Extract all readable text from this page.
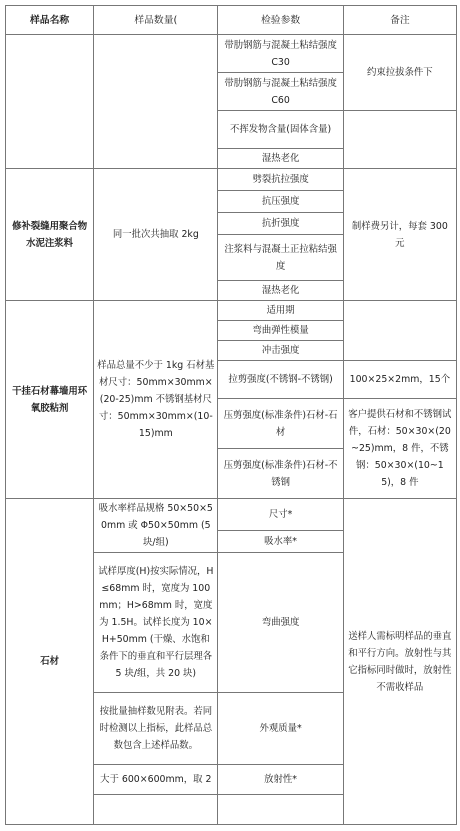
样品名称	样品数量(	检验参数	备注
		带肋钢筋与混凝土粘结强度 C30	约束拉拔条件下
		带肋钢筋与混凝土粘结强度 C60	
		不挥发物含量(固体含量)	
		湿热老化	
修补裂缝用聚合物水泥注浆料	同一批次共抽取 2kg	劈裂抗拉强度	制样费另计，每套 300 元
		抗压强度	
		抗折强度	
		注浆料与混凝土正拉粘结强度	
		湿热老化	
干挂石材幕墙用环氧胶粘剂	样品总量不少于 1kg 石材基材尺寸：50mm×30mm×(20-25)mm 不锈钢基材尺寸：50mm×30mm×(10-15)mm	适用期	
		弯曲弹性模量	
		冲击强度	
		拉剪强度(不锈钢-不锈钢)	100×25×2mm，15个
		压剪强度(标准条件)石材-石材	客户提供石材和不锈钢试件，石材：50×30×(20~25)mm，8 件，不锈钢：50×30×(10~15)，8 件
		压剪强度(标准条件)石材-不锈钢	
石材	吸水率样品规格 50×50×50mm 或 Φ50×50mm (5 块/组)	尺寸*	送样人需标明样品的垂直和平行方向。放射性与其它指标同时做时，放射性不需收样品
		吸水率*	
	试样厚度(H)按实际情况，H≤68mm 时，宽度为 100mm；H>68mm 时，宽度为 1.5H。试样长度为 10×H+50mm (干燥、水饱和条件下的垂直和平行层理各 5 块/组，共 20 块)	弯曲强度	
	按批量抽样数见附表。若同时检测以上指标，此样品总数包含上述样品数。	外观质量*	
	大于 600×600mm，取 2	放射性*	
